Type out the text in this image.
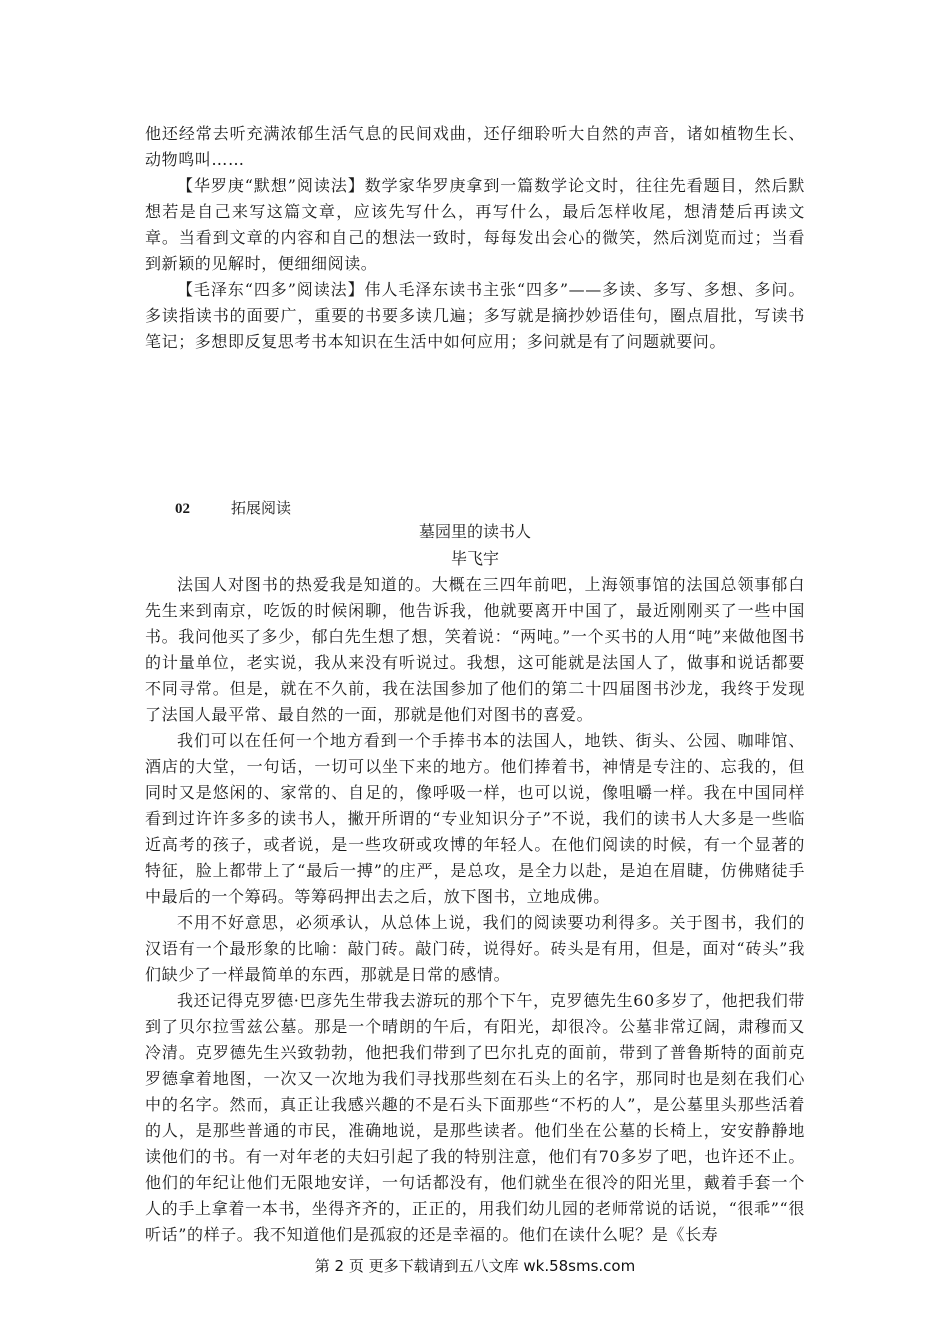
他还经常去听充满浓郁生活气息的民间戏曲，还仔细聆听大自然的声音，诸如植物生长、动物鸣叫……

【华罗庚“默想”阅读法】数学家华罗庚拿到一篇数学论文时，往往先看题目，然后默想若是自己来写这篇文章，应该先写什么，再写什么，最后怎样收尾，想清楚后再读文章。当看到文章的内容和自己的想法一致时，每每发出会心的微笑，然后浏览而过；当看到新颖的见解时，便细细阅读。

【毛泽东“四多”阅读法】伟人毛泽东读书主张“四多”——多读、多写、多想、多问。多读指读书的面要广，重要的书要多读几遍；多写就是摘抄妙语佳句，圈点眉批，写读书笔记；多想即反复思考书本知识在生活中如何应用；多问就是有了问题就要问。

02	拓展阅读
墓园里的读书人
毕飞宇

法国人对图书的热爱我是知道的。大概在三四年前吧，上海领事馆的法国总领事郁白先生来到南京，吃饭的时候闲聊，他告诉我，他就要离开中国了，最近刚刚买了一些中国书。我问他买了多少，郁白先生想了想，笑着说：“两吨。”一个买书的人用“吨”来做他图书的计量单位，老实说，我从来没有听说过。我想，这可能就是法国人了，做事和说话都要不同寻常。但是，就在不久前，我在法国参加了他们的第二十四届图书沙龙，我终于发现了法国人最平常、最自然的一面，那就是他们对图书的喜爱。

我们可以在任何一个地方看到一个手捧书本的法国人，地铁、街头、公园、咖啡馆、酒店的大堂，一句话，一切可以坐下来的地方。他们捧着书，神情是专注的、忘我的，但同时又是悠闲的、家常的、自足的，像呼吸一样，也可以说，像咀嚼一样。我在中国同样看到过许许多多的读书人，撇开所谓的“专业知识分子”不说，我们的读书人大多是一些临近高考的孩子，或者说，是一些攻研或攻博的年轻人。在他们阅读的时候，有一个显著的特征，脸上都带上了“最后一搏”的庄严，是总攻，是全力以赴，是迫在眉睫，仿佛赌徒手中最后的一个筹码。等筹码押出去之后，放下图书，立地成佛。

不用不好意思，必须承认，从总体上说，我们的阅读要功利得多。关于图书，我们的汉语有一个最形象的比喻：敲门砖。敲门砖，说得好。砖头是有用，但是，面对“砖头”我们缺少了一样最简单的东西，那就是日常的感情。

我还记得克罗德·巴彦先生带我去游玩的那个下午，克罗德先生60多岁了，他把我们带到了贝尔拉雪兹公墓。那是一个晴朗的午后，有阳光，却很冷。公墓非常辽阔，肃穆而又冷清。克罗德先生兴致勃勃，他把我们带到了巴尔扎克的面前，带到了普鲁斯特的面前克罗德拿着地图，一次又一次地为我们寻找那些刻在石头上的名字，那同时也是刻在我们心中的名字。然而，真正让我感兴趣的不是石头下面那些“不朽的人”，是公墓里头那些活着的人，是那些普通的市民，准确地说，是那些读者。他们坐在公墓的长椅上，安安静静地读他们的书。有一对年老的夫妇引起了我的特别注意，他们有70多岁了吧，也许还不止。他们的年纪让他们无限地安详，一句话都没有，他们就坐在很冷的阳光里，戴着手套一个人的手上拿着一本书，坐得齐齐的，正正的，用我们幼儿园的老师常说的话说，“很乖”“很听话”的样子。我不知道他们是孤寂的还是幸福的。他们在读什么呢？是《长寿

第 2 页 更多下载请到五八文库 wk.58sms.com
